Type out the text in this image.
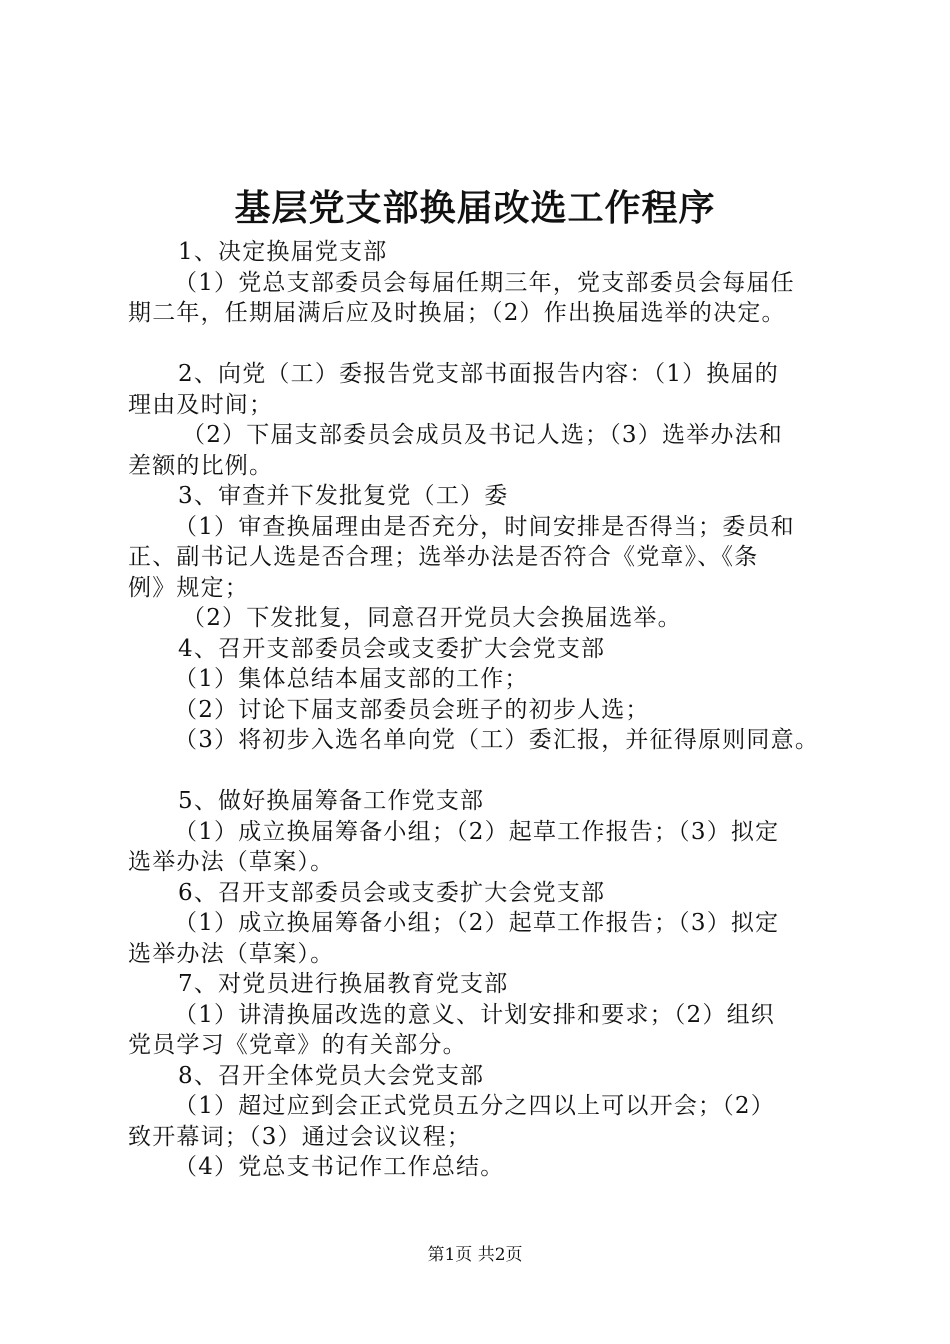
基层党支部换届改选工作程序

1、决定换届党支部

（1）党总支部委员会每届任期三年，党支部委员会每届任

期二年，任期届满后应及时换届；（2）作出换届选举的决定。

2、向党（工）委报告党支部书面报告内容：（1）换届的

理由及时间；

（2）下届支部委员会成员及书记人选；（3）选举办法和

差额的比例。

3、审查并下发批复党（工）委

（1）审查换届理由是否充分，时间安排是否得当；委员和

正、副书记人选是否合理；选举办法是否符合《党章》、《条

例》规定；

（2）下发批复，同意召开党员大会换届选举。

4、召开支部委员会或支委扩大会党支部

（1）集体总结本届支部的工作；

（2）讨论下届支部委员会班子的初步人选；

（3）将初步入选名单向党（工）委汇报，并征得原则同意。

5、做好换届筹备工作党支部

（1）成立换届筹备小组；（2）起草工作报告；（3）拟定

选举办法（草案）。

6、召开支部委员会或支委扩大会党支部

（1）成立换届筹备小组；（2）起草工作报告；（3）拟定

选举办法（草案）。

7、对党员进行换届教育党支部

（1）讲清换届改选的意义、计划安排和要求；（2）组织

党员学习《党章》的有关部分。

8、召开全体党员大会党支部

（1）超过应到会正式党员五分之四以上可以开会；（2）

致开幕词；（3）通过会议议程；

（4）党总支书记作工作总结。

第1页 共2页
